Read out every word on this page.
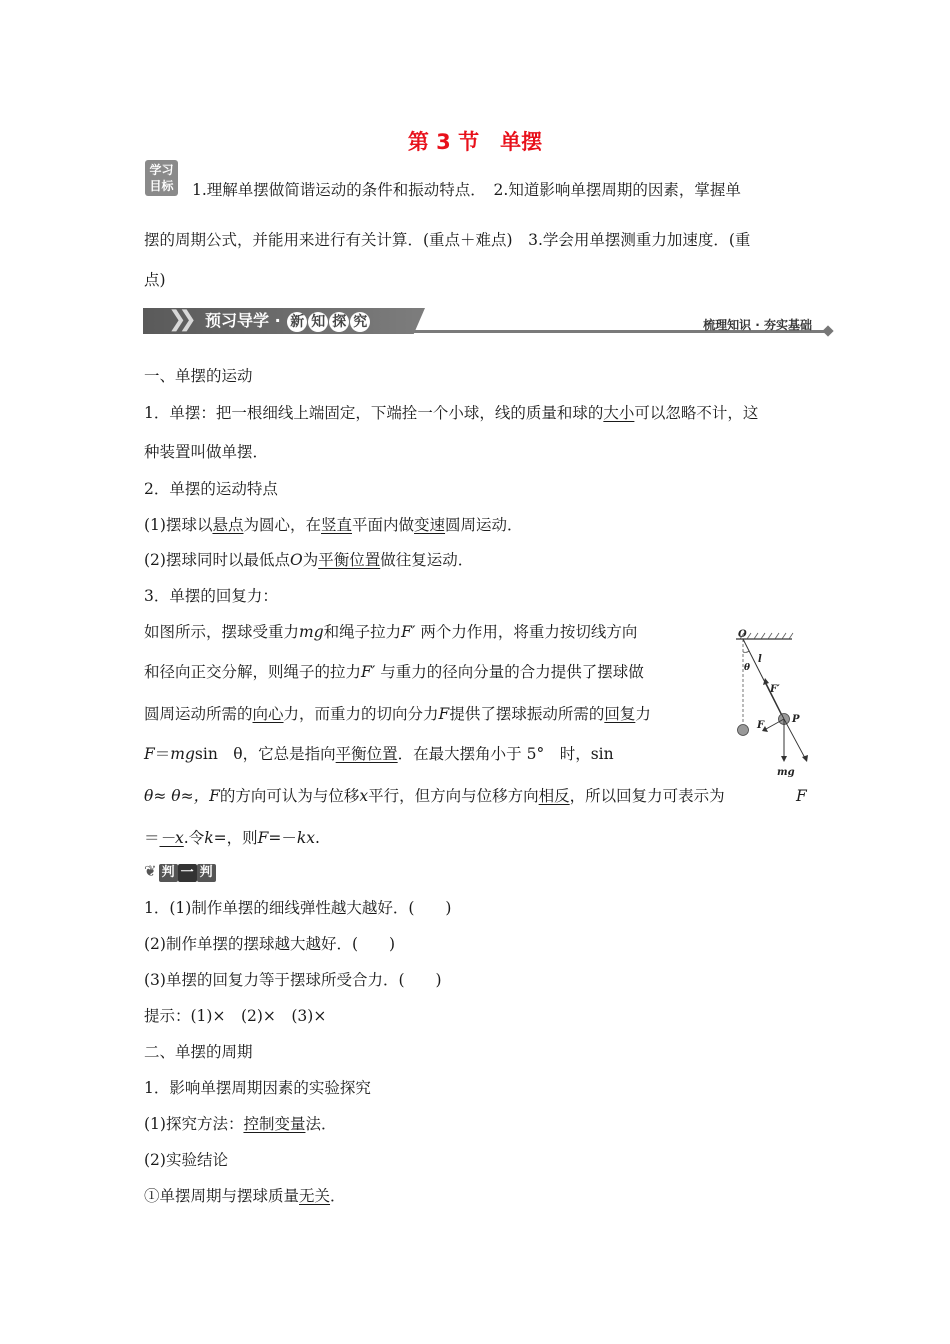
第 3 节　单摆
学习
目标 1.理解单摆做简谐运动的条件和振动特点．　2.知道影响单摆周期的因素，掌握单
摆的周期公式，并能用来进行有关计算．(重点＋难点)　3.学会用单摆测重力加速度．(重
点)
❯❯ 预习导学 · 新 知 探 究	梳理知识 · 夯实基础
一、单摆的运动
1．单摆：把一根细线上端固定，下端拴一个小球，线的质量和球的大小可以忽略不计，这
种装置叫做单摆．
2．单摆的运动特点
(1)摆球以悬点为圆心，在竖直平面内做变速圆周运动．
(2)摆球同时以最低点O为平衡位置做往复运动．
3．单摆的回复力：
如图所示，摆球受重力mg和绳子拉力F′ 两个力作用，将重力按切线方向
和径向正交分解，则绳子的拉力F′ 与重力的径向分量的合力提供了摆球做
圆周运动所需的向心力，而重力的切向分力F提供了摆球振动所需的回复力
F＝mgsin　θ，它总是指向平衡位置．在最大摆角小于 5°　时，sin
θ≈ θ≈，F的方向可认为与位移x平行，但方向与位移方向相反，所以回复力可表示为	F
＝－x.令k=，则F=－kx.
O
l
θ
F′
F
P
mg
❦ 判 一 判
1．(1)制作单摆的细线弹性越大越好．(　　)
(2)制作单摆的摆球越大越好．(　　)
(3)单摆的回复力等于摆球所受合力．(　　)
提示：(1)×　(2)×　(3)×
二、单摆的周期
1．影响单摆周期因素的实验探究
(1)探究方法：控制变量法．
(2)实验结论
①单摆周期与摆球质量无关．
